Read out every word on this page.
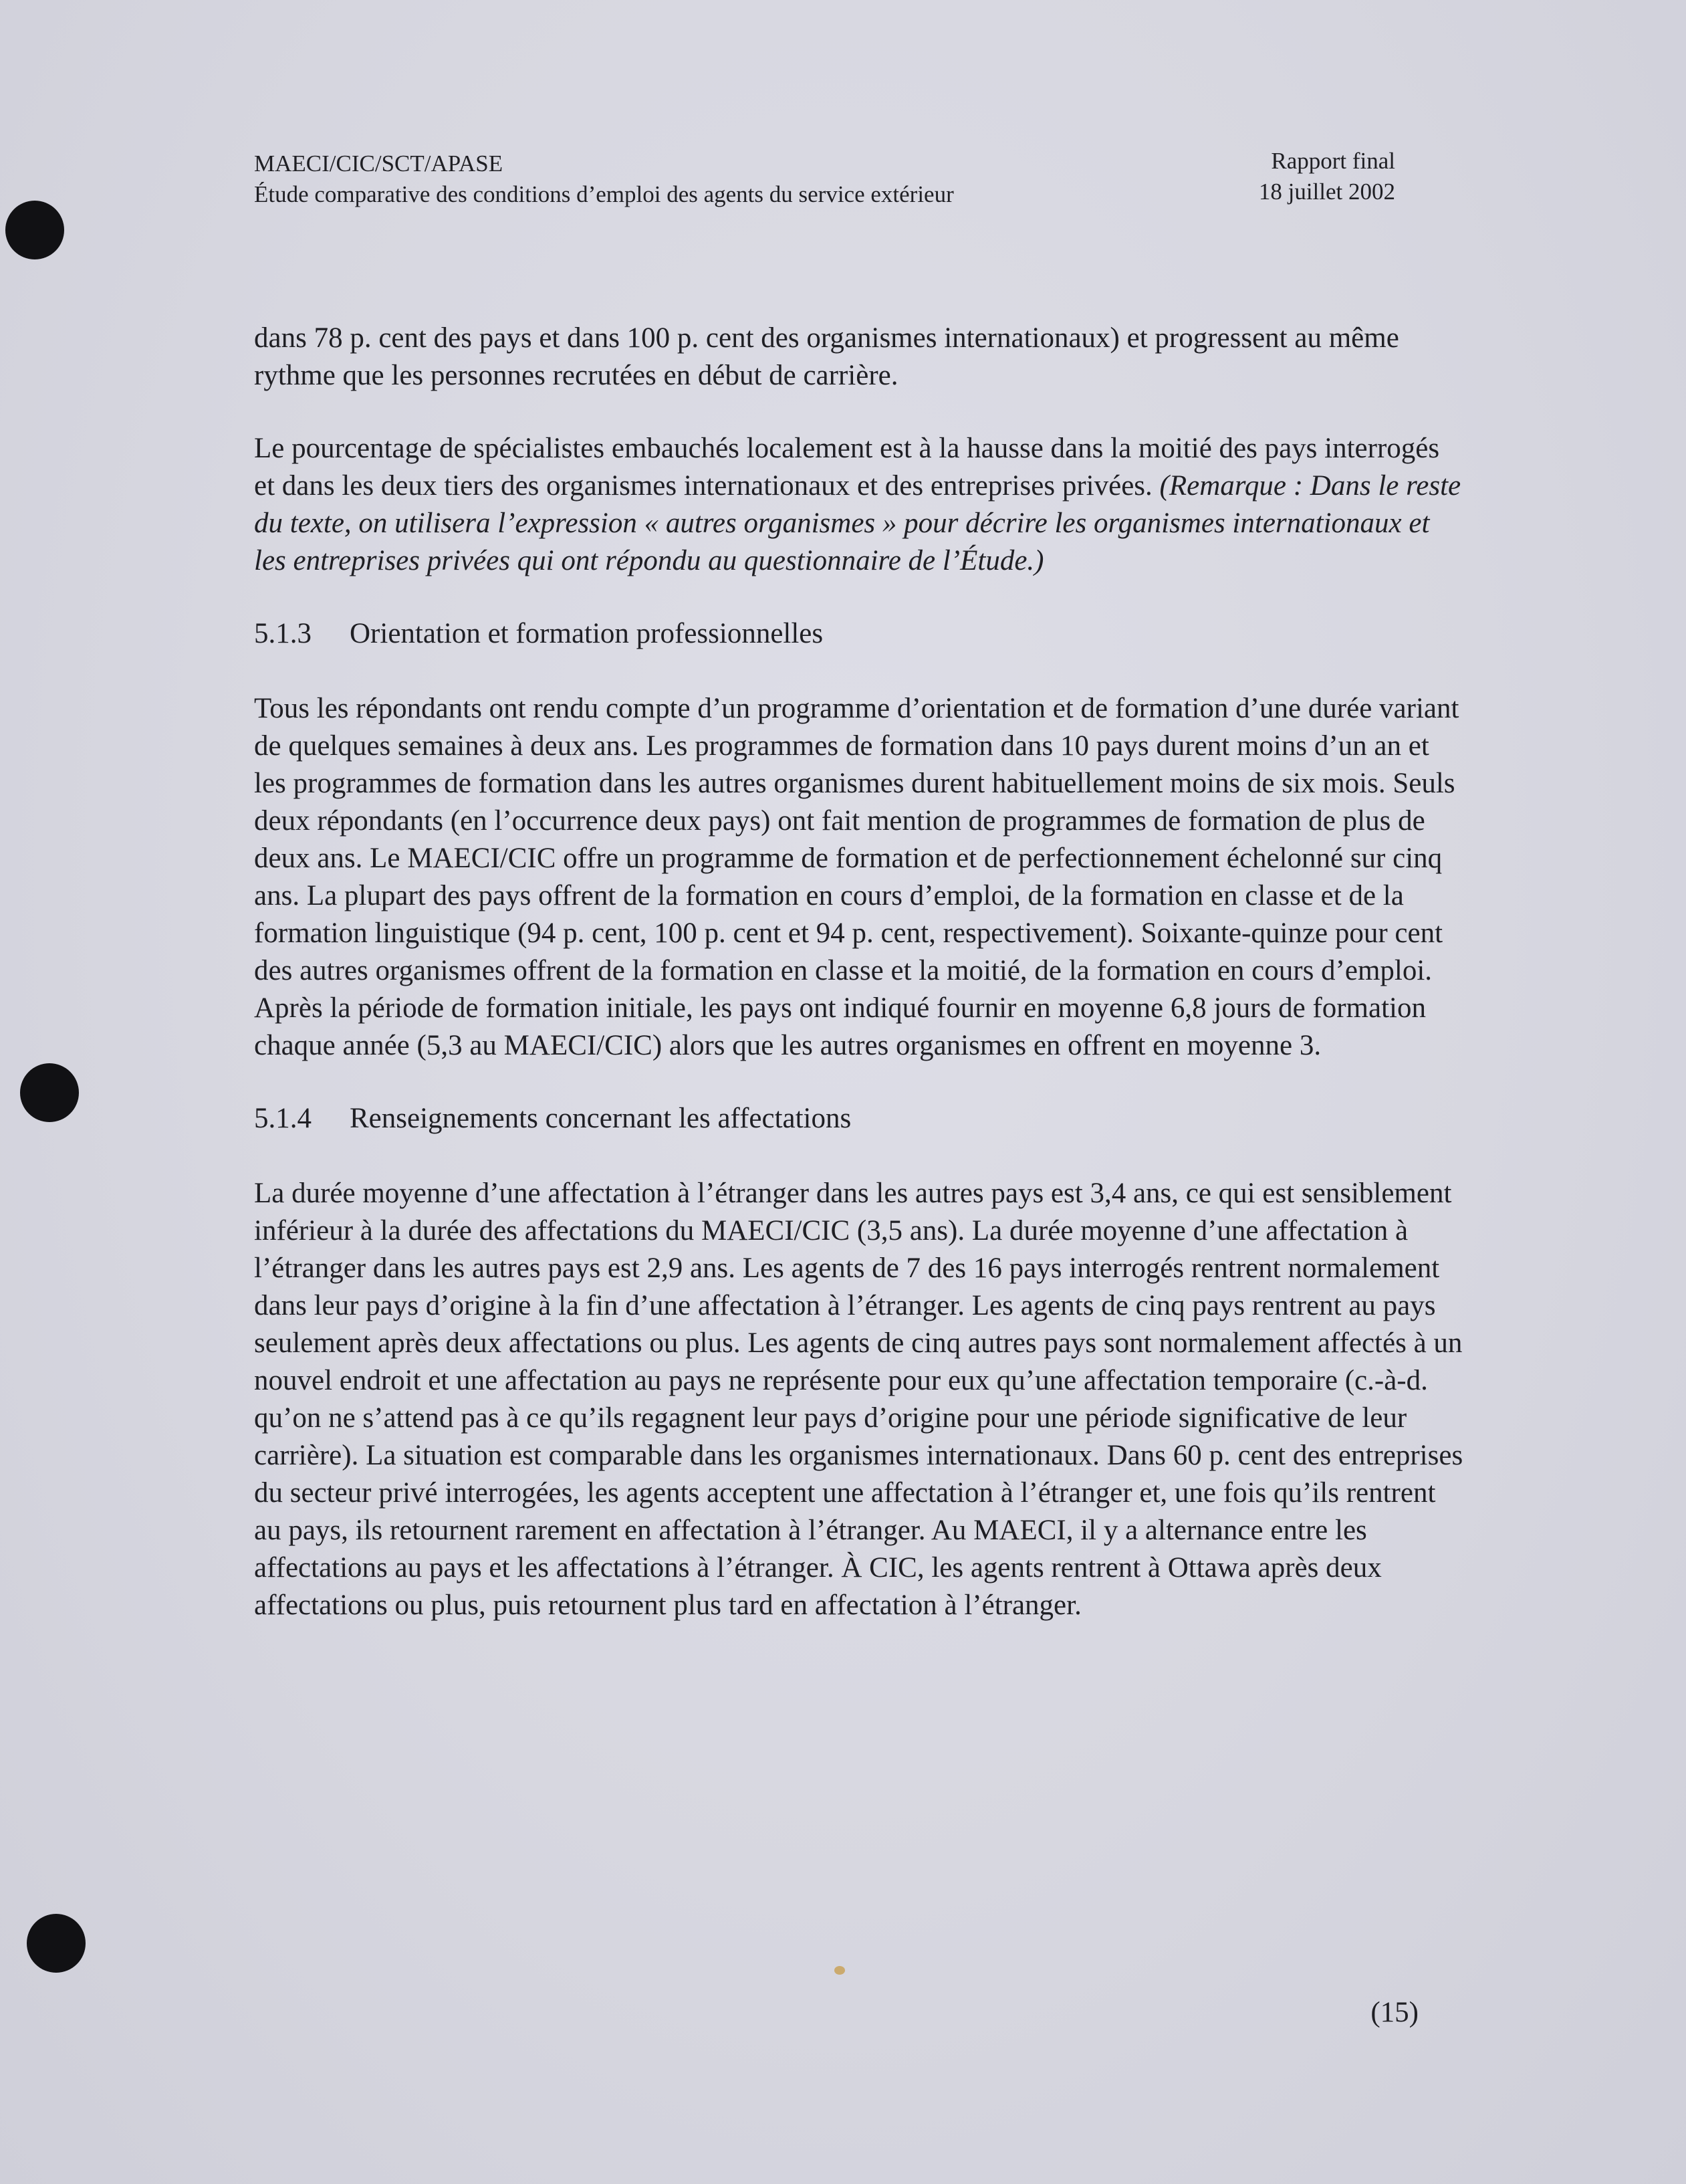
MAECI/CIC/SCT/APASE
Étude comparative des conditions d’emploi des agents du service extérieur
Rapport final
18 juillet 2002

dans 78 p. cent des pays et dans 100 p. cent des organismes internationaux) et progressent au même rythme que les personnes recrutées en début de carrière.

Le pourcentage de spécialistes embauchés localement est à la hausse dans la moitié des pays interrogés et dans les deux tiers des organismes internationaux et des entreprises privées. (Remarque : Dans le reste du texte, on utilisera l’expression « autres organismes » pour décrire les organismes internationaux et les entreprises privées qui ont répondu au questionnaire de l’Étude.)

5.1.3 Orientation et formation professionnelles

Tous les répondants ont rendu compte d’un programme d’orientation et de formation d’une durée variant de quelques semaines à deux ans. Les programmes de formation dans 10 pays durent moins d’un an et les programmes de formation dans les autres organismes durent habituellement moins de six mois. Seuls deux répondants (en l’occurrence deux pays) ont fait mention de programmes de formation de plus de deux ans. Le MAECI/CIC offre un programme de formation et de perfectionnement échelonné sur cinq ans. La plupart des pays offrent de la formation en cours d’emploi, de la formation en classe et de la formation linguistique (94 p. cent, 100 p. cent et 94 p. cent, respectivement). Soixante-quinze pour cent des autres organismes offrent de la formation en classe et la moitié, de la formation en cours d’emploi. Après la période de formation initiale, les pays ont indiqué fournir en moyenne 6,8 jours de formation chaque année (5,3 au MAECI/CIC) alors que les autres organismes en offrent en moyenne 3.

5.1.4 Renseignements concernant les affectations

La durée moyenne d’une affectation à l’étranger dans les autres pays est 3,4 ans, ce qui est sensiblement inférieur à la durée des affectations du MAECI/CIC (3,5 ans). La durée moyenne d’une affectation à l’étranger dans les autres pays est 2,9 ans. Les agents de 7 des 16 pays interrogés rentrent normalement dans leur pays d’origine à la fin d’une affectation à l’étranger. Les agents de cinq pays rentrent au pays seulement après deux affectations ou plus. Les agents de cinq autres pays sont normalement affectés à un nouvel endroit et une affectation au pays ne représente pour eux qu’une affectation temporaire (c.-à-d. qu’on ne s’attend pas à ce qu’ils regagnent leur pays d’origine pour une période significative de leur carrière). La situation est comparable dans les organismes internationaux. Dans 60 p. cent des entreprises du secteur privé interrogées, les agents acceptent une affectation à l’étranger et, une fois qu’ils rentrent au pays, ils retournent rarement en affectation à l’étranger. Au MAECI, il y a alternance entre les affectations au pays et les affectations à l’étranger. À CIC, les agents rentrent à Ottawa après deux affectations ou plus, puis retournent plus tard en affectation à l’étranger.

(15)
